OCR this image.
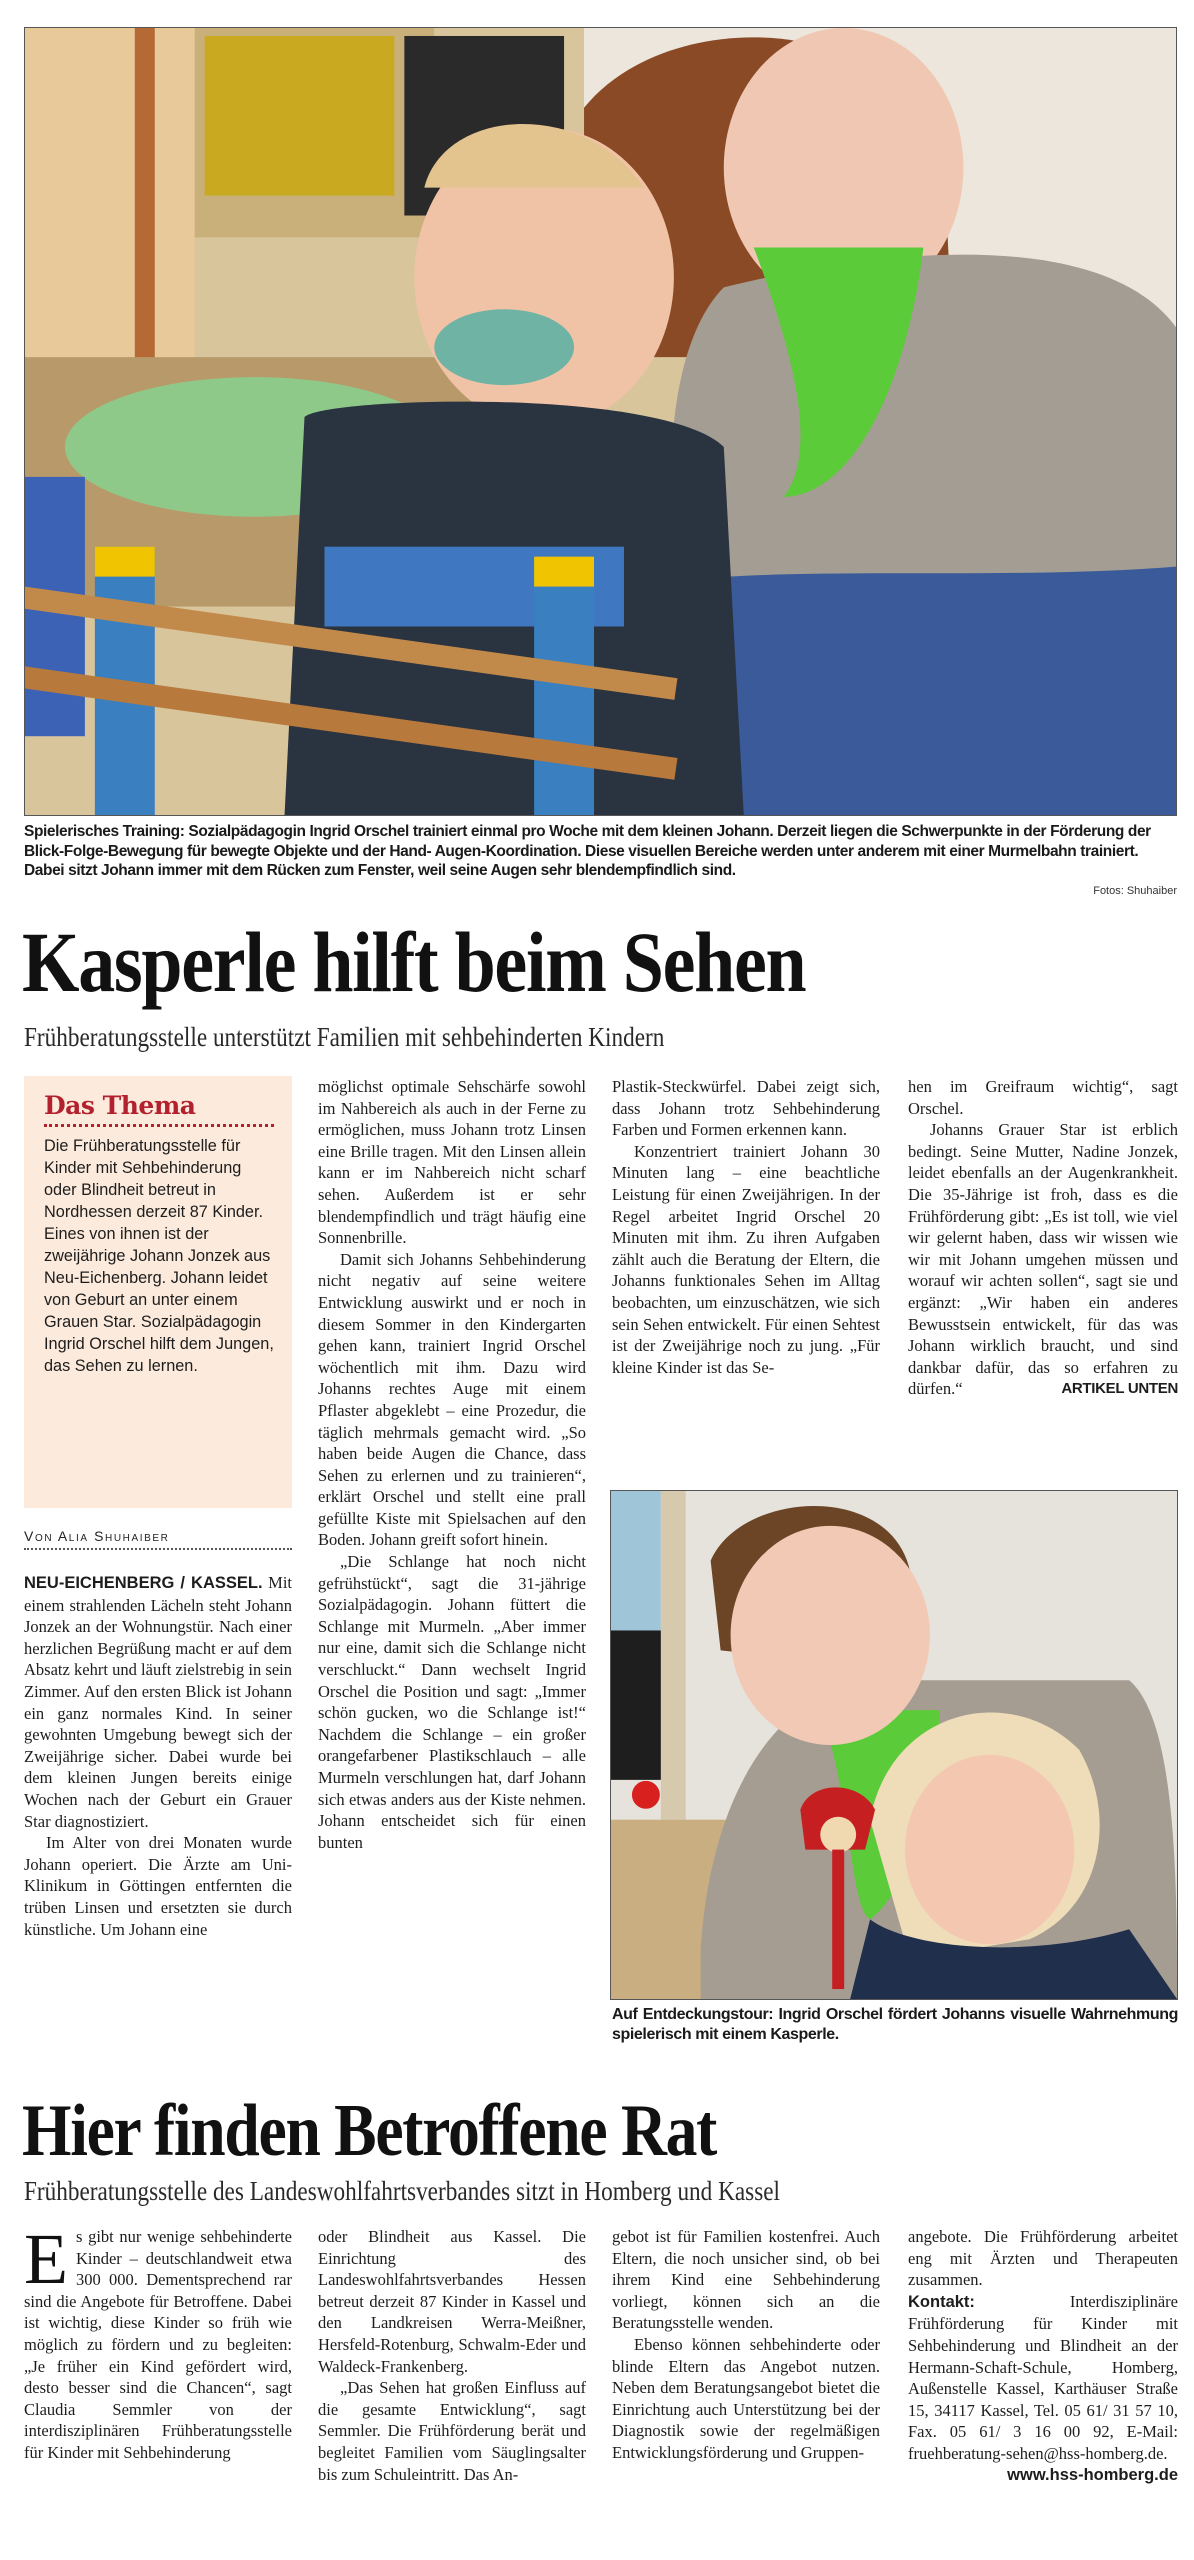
Spielerisches Training: Sozialpädagogin Ingrid Orschel trainiert einmal pro Woche mit dem kleinen Johann. Derzeit liegen die Schwerpunkte in der Förderung der Blick-Folge-Bewegung für bewegte Objekte und der Hand- Augen-Koordination. Diese visuellen Bereiche werden unter anderem mit einer Murmelbahn trainiert. Dabei sitzt Johann immer mit dem Rücken zum Fenster, weil seine Augen sehr blendempfindlich sind.
Fotos: Shuhaiber
Kasperle hilft beim Sehen
Frühberatungsstelle unterstützt Familien mit sehbehinderten Kindern
Das Thema

Die Frühberatungsstelle für Kinder mit Sehbehinderung oder Blindheit betreut in Nordhessen derzeit 87 Kinder. Eines von ihnen ist der zweijährige Johann Jonzek aus Neu-Eichenberg. Johann leidet von Geburt an unter einem Grauen Star. Sozialpädagogin Ingrid Orschel hilft dem Jungen, das Sehen zu lernen.

Von Alia Shuhaiber

NEU-EICHENBERG / KASSEL. Mit einem strahlenden Lächeln steht Johann Jonzek an der Wohnungstür. Nach einer herzlichen Begrüßung macht er auf dem Absatz kehrt und läuft zielstrebig in sein Zimmer. Auf den ersten Blick ist Johann ein ganz normales Kind. In seiner gewohnten Umgebung bewegt sich der Zweijährige sicher. Dabei wurde bei dem kleinen Jungen bereits einige Wochen nach der Geburt ein Grauer Star diagnostiziert.

Im Alter von drei Monaten wurde Johann operiert. Die Ärzte am Uni-Klinikum in Göttingen entfernten die trüben Linsen und ersetzten sie durch künstliche. Um Johann eine

möglichst optimale Sehschärfe sowohl im Nahbereich als auch in der Ferne zu ermöglichen, muss Johann trotz Linsen eine Brille tragen. Mit den Linsen allein kann er im Nahbereich nicht scharf sehen. Außerdem ist er sehr blendempfindlich und trägt häufig eine Sonnenbrille.

Damit sich Johanns Sehbehinderung nicht negativ auf seine weitere Entwicklung auswirkt und er noch in diesem Sommer in den Kindergarten gehen kann, trainiert Ingrid Orschel wöchentlich mit ihm. Dazu wird Johanns rechtes Auge mit einem Pflaster abgeklebt – eine Prozedur, die täglich mehrmals gemacht wird. „So haben beide Augen die Chance, dass Sehen zu erlernen und zu trainieren“, erklärt Orschel und stellt eine prall gefüllte Kiste mit Spielsachen auf den Boden. Johann greift sofort hinein.

„Die Schlange hat noch nicht gefrühstückt“, sagt die 31-jährige Sozialpädagogin. Johann füttert die Schlange mit Murmeln. „Aber immer nur eine, damit sich die Schlange nicht verschluckt.“ Dann wechselt Ingrid Orschel die Position und sagt: „Immer schön gucken, wo die Schlange ist!“ Nachdem die Schlange – ein großer orangefarbener Plastikschlauch – alle Murmeln verschlungen hat, darf Johann sich etwas anders aus der Kiste nehmen. Johann entscheidet sich für einen bunten

Plastik-Steckwürfel. Dabei zeigt sich, dass Johann trotz Sehbehinderung Farben und Formen erkennen kann.

Konzentriert trainiert Johann 30 Minuten lang – eine beachtliche Leistung für einen Zweijährigen. In der Regel arbeitet Ingrid Orschel 20 Minuten mit ihm. Zu ihren Aufgaben zählt auch die Beratung der Eltern, die Johanns funktionales Sehen im Alltag beobachten, um einzuschätzen, wie sich sein Sehen entwickelt. Für einen Sehtest ist der Zweijährige noch zu jung. „Für kleine Kinder ist das Se-

hen im Greifraum wichtig“, sagt Orschel.

Johanns Grauer Star ist erblich bedingt. Seine Mutter, Nadine Jonzek, leidet ebenfalls an der Augenkrankheit. Die 35-Jährige ist froh, dass es die Frühförderung gibt: „Es ist toll, wie viel wir gelernt haben, dass wir wissen wie wir mit Johann umgehen müssen und worauf wir achten sollen“, sagt sie und ergänzt: „Wir haben ein anderes Bewusstsein entwickelt, für das was Johann wirklich braucht, und sind dankbar dafür, das so erfahren zu dürfen.“	ARTIKEL UNTEN

Auf Entdeckungstour: Ingrid Orschel fördert Johanns visuelle Wahrnehmung spielerisch mit einem Kasperle.
Hier finden Betroffene Rat
Frühberatungsstelle des Landeswohlfahrtsverbandes sitzt in Homberg und Kassel

Es gibt nur wenige sehbehinderte Kinder – deutschlandweit etwa 300 000. Dementsprechend rar sind die Angebote für Betroffene. Dabei ist wichtig, diese Kinder so früh wie möglich zu fördern und zu begleiten: „Je früher ein Kind gefördert wird, desto besser sind die Chancen“, sagt Claudia Semmler von der interdisziplinären Frühberatungsstelle für Kinder mit Sehbehinderung

oder Blindheit aus Kassel. Die Einrichtung des Landeswohlfahrtsverbandes Hessen betreut derzeit 87 Kinder in Kassel und den Landkreisen Werra-Meißner, Hersfeld-Rotenburg, Schwalm-Eder und Waldeck-Frankenberg.

„Das Sehen hat großen Einfluss auf die gesamte Entwicklung“, sagt Semmler. Die Frühförderung berät und begleitet Familien vom Säuglingsalter bis zum Schuleintritt. Das An-

gebot ist für Familien kostenfrei. Auch Eltern, die noch unsicher sind, ob bei ihrem Kind eine Sehbehinderung vorliegt, können sich an die Beratungsstelle wenden.

Ebenso können sehbehinderte oder blinde Eltern das Angebot nutzen. Neben dem Beratungsangebot bietet die Einrichtung auch Unterstützung bei der Diagnostik sowie der regelmäßigen Entwicklungsförderung und Gruppen-

angebote. Die Frühförderung arbeitet eng mit Ärzten und Therapeuten zusammen.

Kontakt:	Interdisziplinäre Frühförderung für Kinder mit Sehbehinderung und Blindheit an der Hermann-Schaft-Schule, Homberg, Außenstelle Kassel, Karthäuser Straße 15, 34117 Kassel, Tel. 05 61/ 31 57 10, Fax. 05 61/ 3 16 00 92, E-Mail: fruehberatung-sehen@hss-homberg.de.

www.hss-homberg.de
